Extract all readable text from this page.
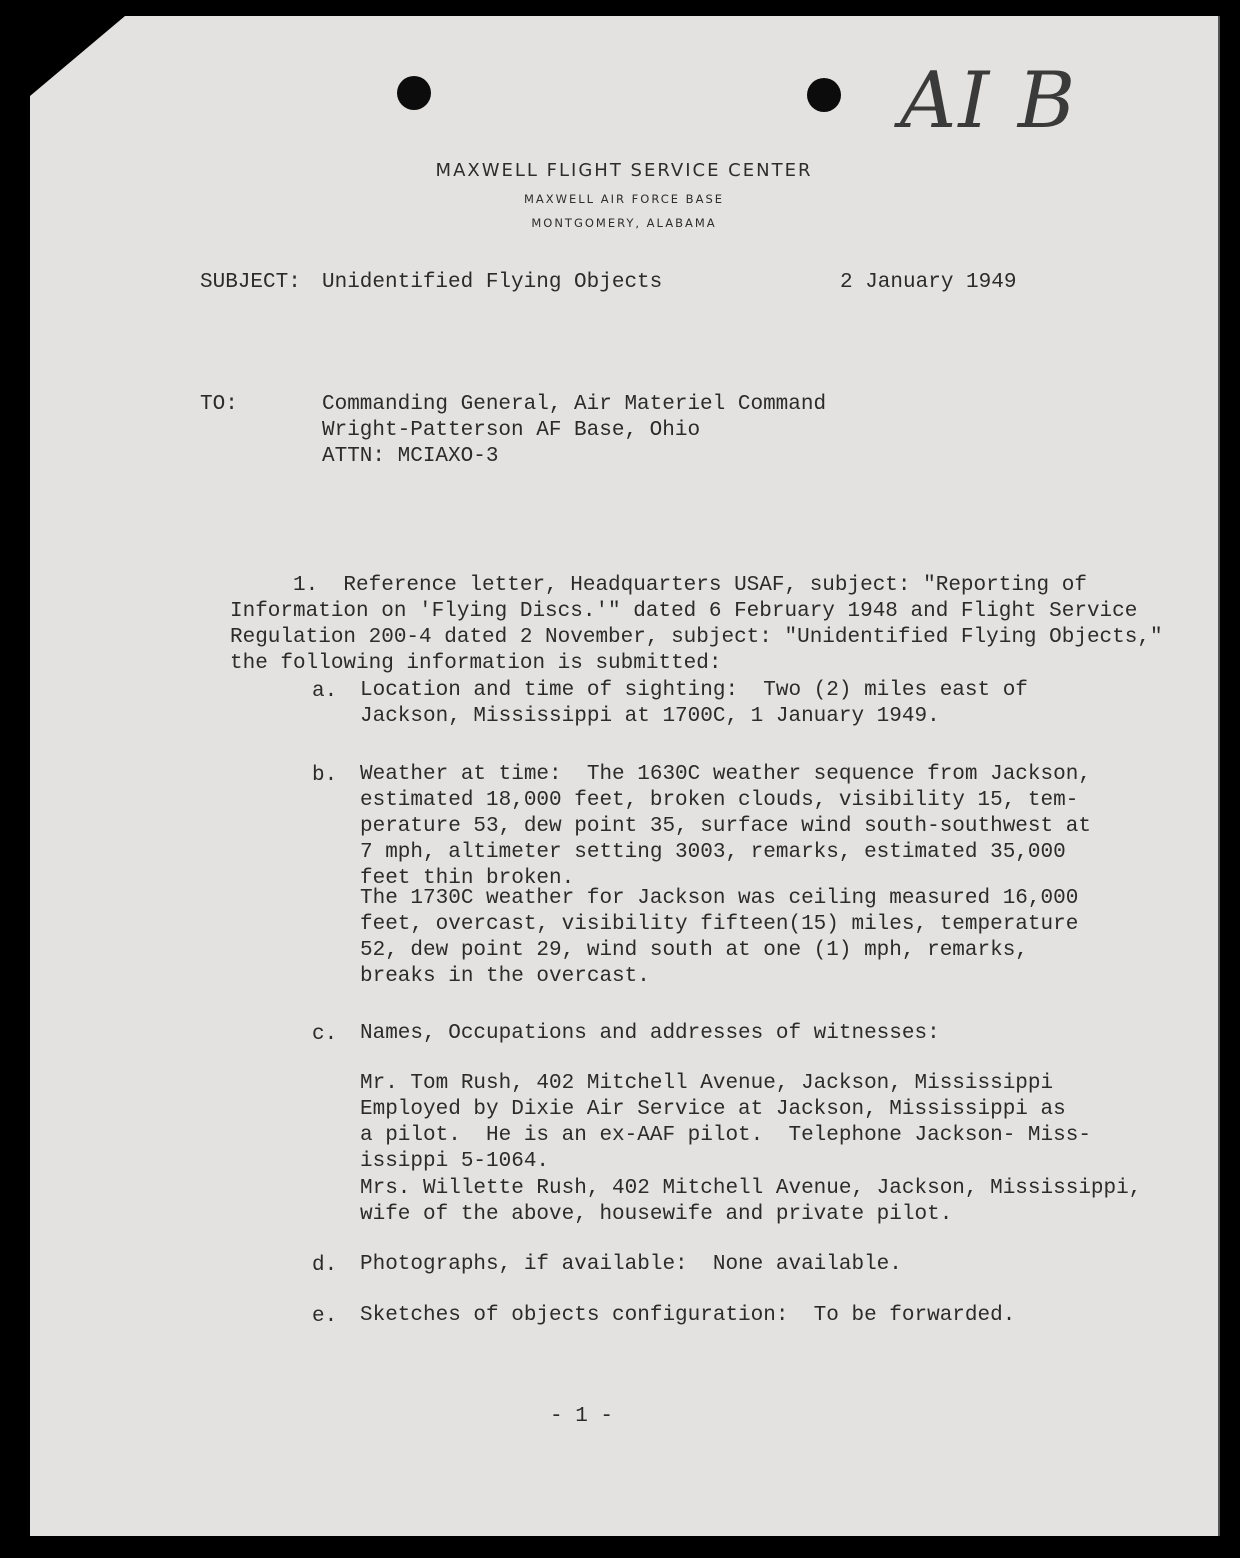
AI B
MAXWELL FLIGHT SERVICE CENTER
MAXWELL AIR FORCE BASE
MONTGOMERY, ALABAMA
SUBJECT: Unidentified Flying Objects	2 January 1949
TO:	Commanding General, Air Materiel Command
Wright-Patterson AF Base, Ohio
ATTN: MCIAXO-3
1.  Reference letter, Headquarters USAF, subject: "Reporting of
Information on 'Flying Discs.'" dated 6 February 1948 and Flight Service
Regulation 200-4 dated 2 November, subject: "Unidentified Flying Objects,"
the following information is submitted:
a. Location and time of sighting:  Two (2) miles east of
Jackson, Mississippi at 1700C, 1 January 1949.
b. Weather at time:  The 1630C weather sequence from Jackson,
estimated 18,000 feet, broken clouds, visibility 15, tem-
perature 53, dew point 35, surface wind south-southwest at
7 mph, altimeter setting 3003, remarks, estimated 35,000
feet thin broken.
The 1730C weather for Jackson was ceiling measured 16,000
feet, overcast, visibility fifteen(15) miles, temperature
52, dew point 29, wind south at one (1) mph, remarks,
breaks in the overcast.
c. Names, Occupations and addresses of witnesses:
Mr. Tom Rush, 402 Mitchell Avenue, Jackson, Mississippi
Employed by Dixie Air Service at Jackson, Mississippi as
a pilot.  He is an ex-AAF pilot.  Telephone Jackson- Miss-
issippi 5-1064.
Mrs. Willette Rush, 402 Mitchell Avenue, Jackson, Mississippi,
wife of the above, housewife and private pilot.
d. Photographs, if available:  None available.
e. Sketches of objects configuration:  To be forwarded.
- 1 -
